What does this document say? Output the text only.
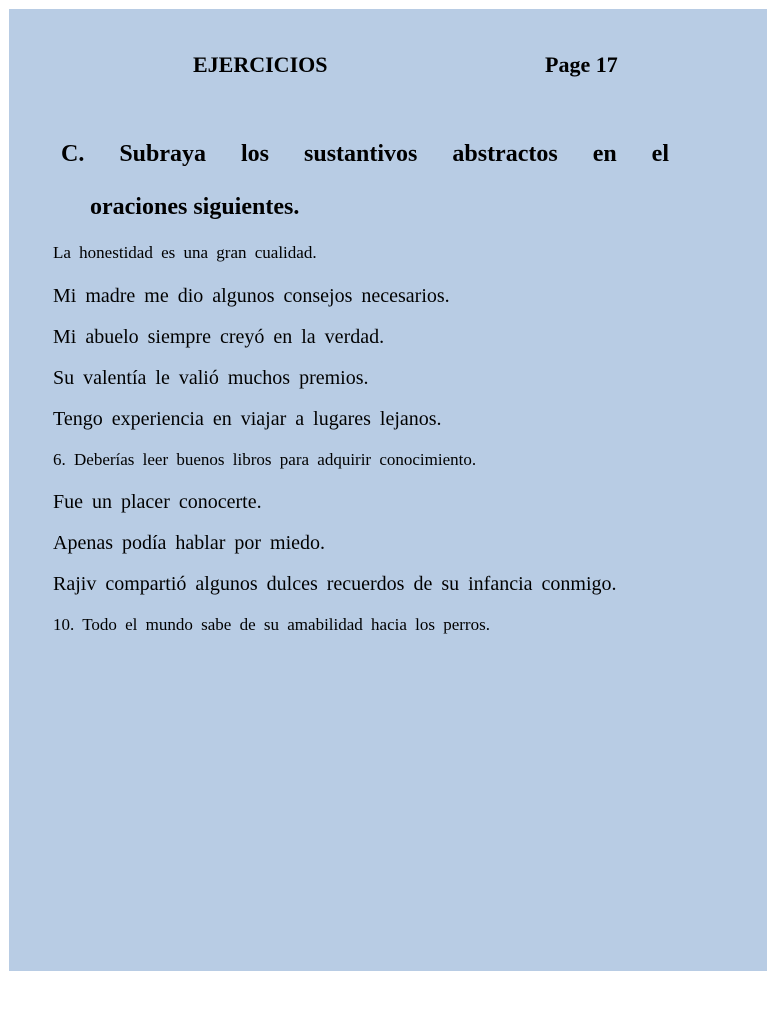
EJERCICIOS	Page 17
C. Subraya los sustantivos abstractos en el
oraciones siguientes.
La honestidad es una gran cualidad.
Mi madre me dio algunos consejos necesarios.
Mi abuelo siempre creyó en la verdad.
Su valentía le valió muchos premios.
Tengo experiencia en viajar a lugares lejanos.
6. Deberías leer buenos libros para adquirir conocimiento.
Fue un placer conocerte.
Apenas podía hablar por miedo.
Rajiv compartió algunos dulces recuerdos de su infancia conmigo.
10. Todo el mundo sabe de su amabilidad hacia los perros.
